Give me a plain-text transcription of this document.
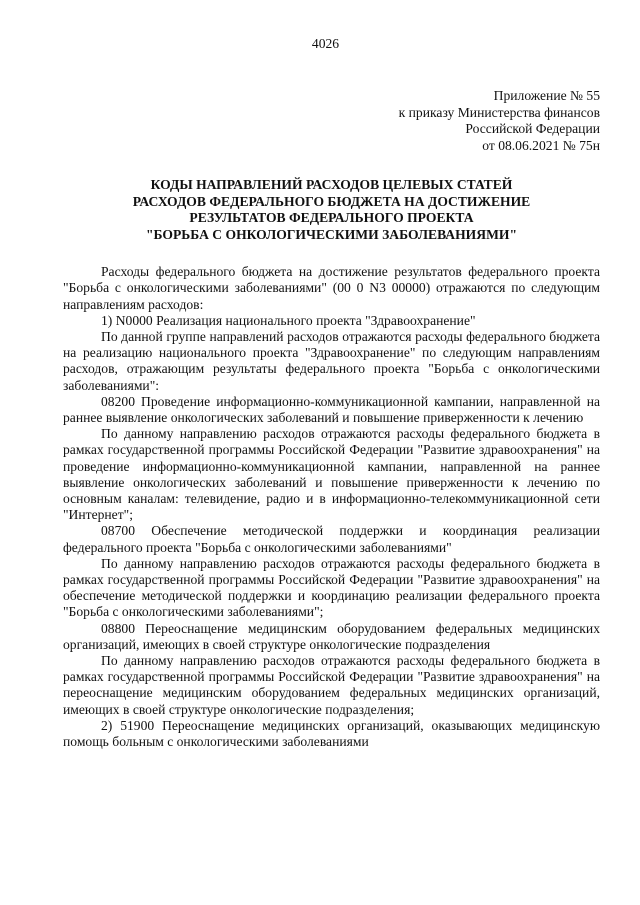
4026
Приложение № 55
к приказу Министерства финансов
Российской Федерации
от 08.06.2021 № 75н
КОДЫ НАПРАВЛЕНИЙ РАСХОДОВ ЦЕЛЕВЫХ СТАТЕЙ
РАСХОДОВ ФЕДЕРАЛЬНОГО БЮДЖЕТА НА ДОСТИЖЕНИЕ
РЕЗУЛЬТАТОВ ФЕДЕРАЛЬНОГО ПРОЕКТА
"БОРЬБА С ОНКОЛОГИЧЕСКИМИ ЗАБОЛЕВАНИЯМИ"

Расходы федерального бюджета на достижение результатов федерального проекта "Борьба с онкологическими заболеваниями" (00 0 N3 00000) отражаются по следующим направлениям расходов:

1) N0000 Реализация национального проекта "Здравоохранение"

По данной группе направлений расходов отражаются расходы федерального бюджета на реализацию национального проекта "Здравоохранение" по следующим направлениям расходов, отражающим результаты федерального проекта "Борьба с онкологическими заболеваниями":

08200 Проведение информационно-коммуникационной кампании, направленной на раннее выявление онкологических заболеваний и повышение приверженности к лечению

По данному направлению расходов отражаются расходы федерального бюджета в рамках государственной программы Российской Федерации "Развитие здравоохранения" на проведение информационно-коммуникационной кампании, направленной на раннее выявление онкологических заболеваний и повышение приверженности к лечению по основным каналам: телевидение, радио и в информационно-телекоммуникационной сети "Интернет";

08700 Обеспечение методической поддержки и координация реализации федерального проекта "Борьба с онкологическими заболеваниями"

По данному направлению расходов отражаются расходы федерального бюджета в рамках государственной программы Российской Федерации "Развитие здравоохранения" на обеспечение методической поддержки и координацию реализации федерального проекта "Борьба с онкологическими заболеваниями";

08800 Переоснащение медицинским оборудованием федеральных медицинских организаций, имеющих в своей структуре онкологические подразделения

По данному направлению расходов отражаются расходы федерального бюджета в рамках государственной программы Российской Федерации "Развитие здравоохранения" на переоснащение медицинским оборудованием федеральных медицинских организаций, имеющих в своей структуре онкологические подразделения;

2) 51900 Переоснащение медицинских организаций, оказывающих медицинскую помощь больным с онкологическими заболеваниями
